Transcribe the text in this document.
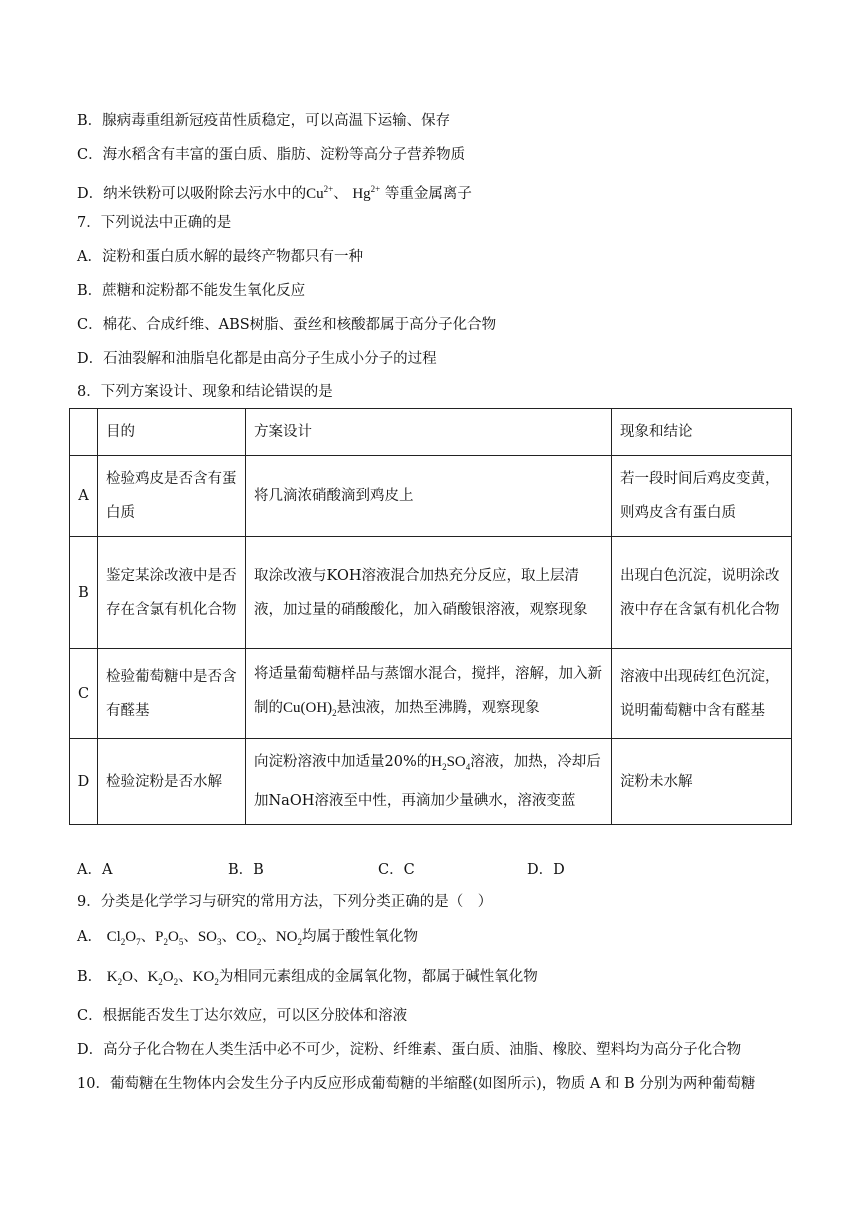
B．腺病毒重组新冠疫苗性质稳定，可以高温下运输、保存
C．海水稻含有丰富的蛋白质、脂肪、淀粉等高分子营养物质
D．纳米铁粉可以吸附除去污水中的$Cu^{2+}$、 $Hg^{2+}$ 等重金属离子
7．下列说法中正确的是
A．淀粉和蛋白质水解的最终产物都只有一种
B．蔗糖和淀粉都不能发生氧化反应
C．棉花、合成纤维、ABS树脂、蚕丝和核酸都属于高分子化合物
D．石油裂解和油脂皂化都是由高分子生成小分子的过程
8．下列方案设计、现象和结论错误的是
	目的	方案设计	现象和结论
A	检验鸡皮是否含有蛋白质	将几滴浓硝酸滴到鸡皮上	若一段时间后鸡皮变黄，则鸡皮含有蛋白质
B	鉴定某涂改液中是否存在含氯有机化合物	取涂改液与KOH溶液混合加热充分反应，取上层清液，加过量的硝酸酸化，加入硝酸银溶液，观察现象	出现白色沉淀，说明涂改液中存在含氯有机化合物
C	检验葡萄糖中是否含有醛基	将适量葡萄糖样品与蒸馏水混合，搅拌，溶解，加入新制的$Cu(OH)_2$悬浊液，加热至沸腾，观察现象	溶液中出现砖红色沉淀，说明葡萄糖中含有醛基
D	检验淀粉是否水解	向淀粉溶液中加适量20%的$H_2SO_4$溶液，加热，冷却后加NaOH溶液至中性，再滴加少量碘水，溶液变蓝	淀粉未水解
A．A	B．B	C．C	D．D
9．分类是化学学习与研究的常用方法，下列分类正确的是（　）
A． $Cl_2O_7$、$P_2O_5$、$SO_3$、$CO_2$、$NO_2$均属于酸性氧化物
B． $K_2O$、$K_2O_2$、$KO_2$为相同元素组成的金属氧化物，都属于碱性氧化物
C．根据能否发生丁达尔效应，可以区分胶体和溶液
D．高分子化合物在人类生活中必不可少，淀粉、纤维素、蛋白质、油脂、橡胶、塑料均为高分子化合物
10．葡萄糖在生物体内会发生分子内反应形成葡萄糖的半缩醛(如图所示)，物质 A 和 B 分别为两种葡萄糖
